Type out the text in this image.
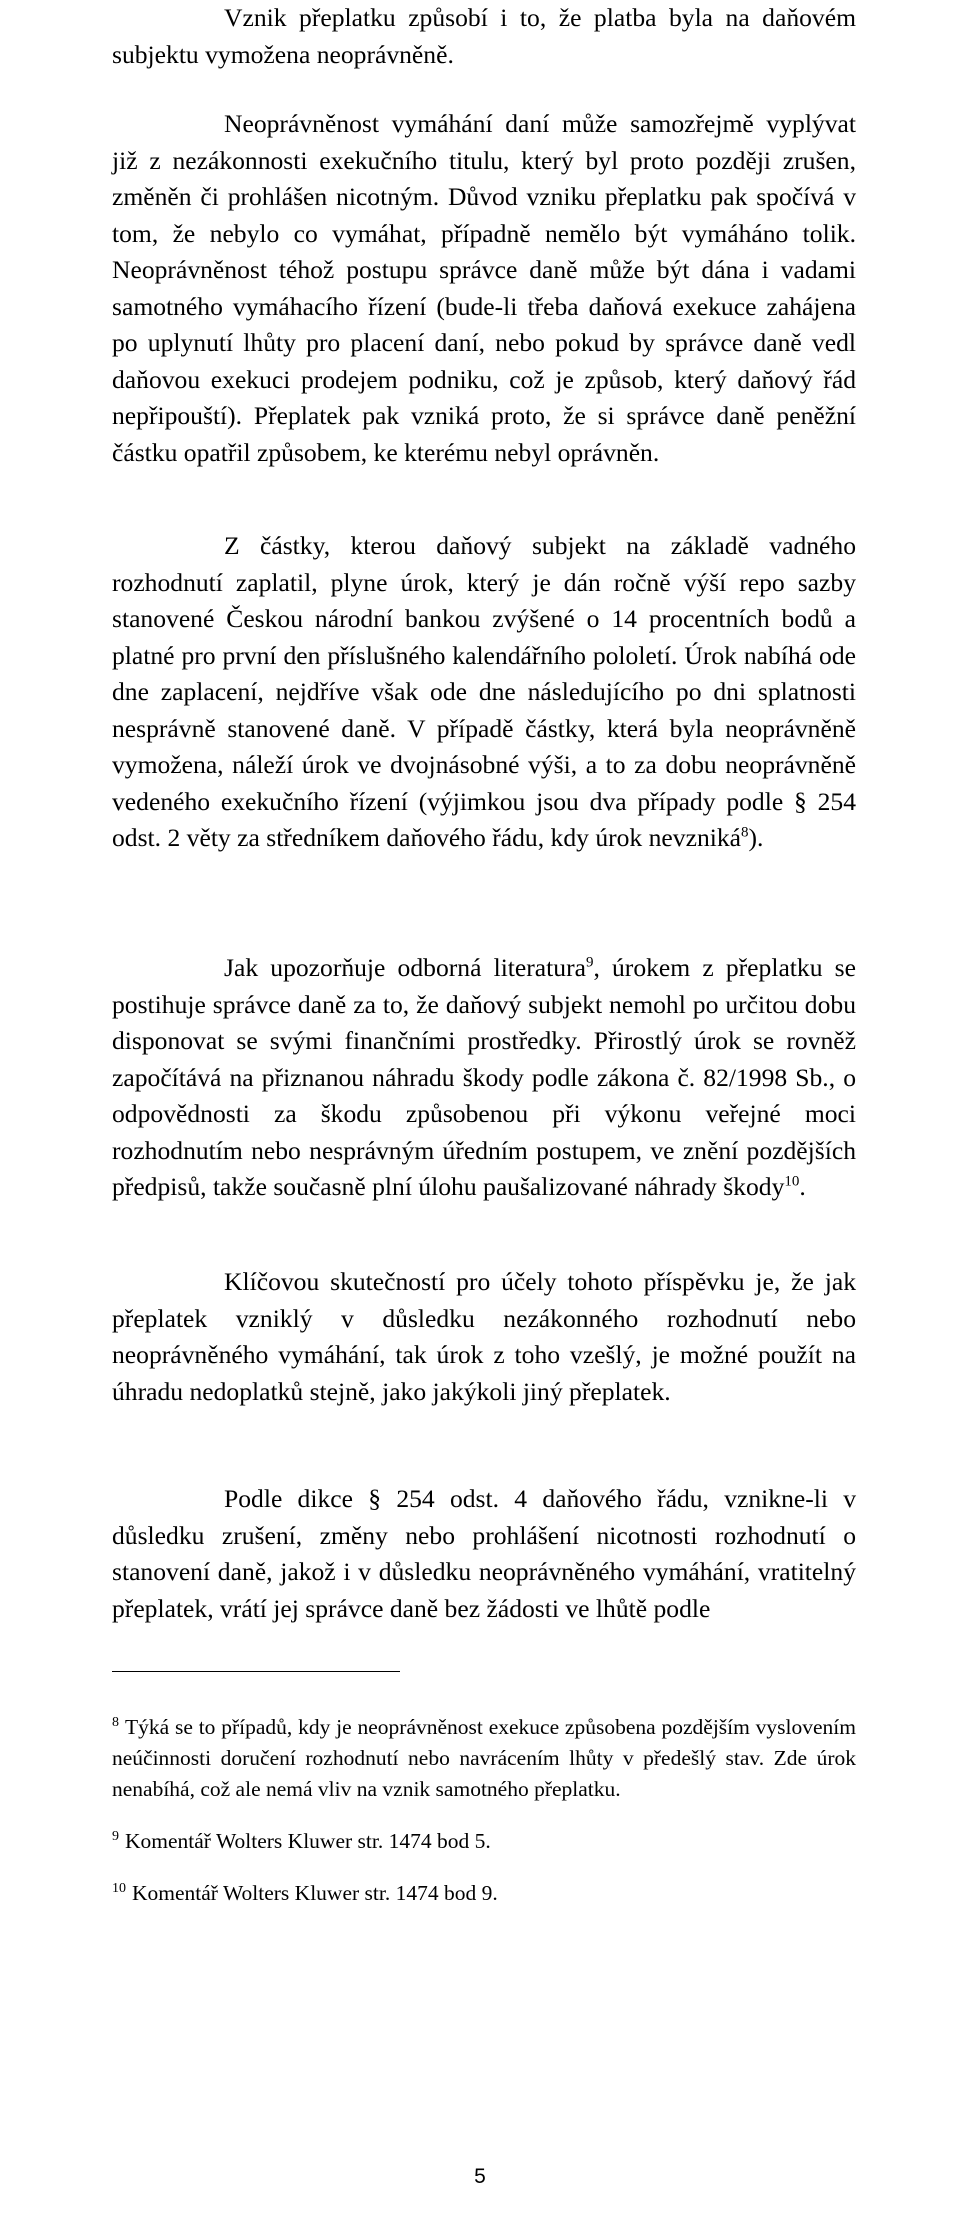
Vznik přeplatku způsobí i to, že platba byla na daňovém subjektu vymožena neoprávněně.

Neoprávněnost vymáhání daní může samozřejmě vyplývat již z nezákonnosti exekučního titulu, který byl proto později zrušen, změněn či prohlášen nicotným. Důvod vzniku přeplatku pak spočívá v tom, že nebylo co vymáhat, případně nemělo být vymáháno tolik. Neoprávněnost téhož postupu správce daně může být dána i vadami samotného vymáhacího řízení (bude-li třeba daňová exekuce zahájena po uplynutí lhůty pro placení daní, nebo pokud by správce daně vedl daňovou exekuci prodejem podniku, což je způsob, který daňový řád nepřipouští). Přeplatek pak vzniká proto, že si správce daně peněžní částku opatřil způsobem, ke kterému nebyl oprávněn.

Z částky, kterou daňový subjekt na základě vadného rozhodnutí zaplatil, plyne úrok, který je dán ročně výší repo sazby stanovené Českou národní bankou zvýšené o 14 procentních bodů a platné pro první den příslušného kalendářního pololetí. Úrok nabíhá ode dne zaplacení, nejdříve však ode dne následujícího po dni splatnosti nesprávně stanovené daně. V případě částky, která byla neoprávněně vymožena, náleží úrok ve dvojnásobné výši, a to za dobu neoprávněně vedeného exekučního řízení (výjimkou jsou dva případy podle § 254 odst. 2 věty za středníkem daňového řádu, kdy úrok nevzniká$^8$).

Jak upozorňuje odborná literatura$^9$, úrokem z přeplatku se postihuje správce daně za to, že daňový subjekt nemohl po určitou dobu disponovat se svými finančními prostředky. Přirostlý úrok se rovněž započítává na přiznanou náhradu škody podle zákona č. 82/1998 Sb., o odpovědnosti za škodu způsobenou při výkonu veřejné moci rozhodnutím nebo nesprávným úředním postupem, ve znění pozdějších předpisů, takže současně plní úlohu paušalizované náhrady škody$^{10}$.

Klíčovou skutečností pro účely tohoto příspěvku je, že jak přeplatek vzniklý v důsledku nezákonného rozhodnutí nebo neoprávněného vymáhání, tak úrok z toho vzešlý, je možné použít na úhradu nedoplatků stejně, jako jakýkoli jiný přeplatek.

Podle dikce § 254 odst. 4 daňového řádu, vznikne-li v důsledku zrušení, změny nebo prohlášení nicotnosti rozhodnutí o stanovení daně, jakož i v důsledku neoprávněného vymáhání, vratitelný přeplatek, vrátí jej správce daně bez žádosti ve lhůtě podle

$^8$ Týká se to případů, kdy je neoprávněnost exekuce způsobena pozdějším vyslovením neúčinnosti doručení rozhodnutí nebo navrácením lhůty v předešlý stav. Zde úrok nenabíhá, což ale nemá vliv na vznik samotného přeplatku.

$^9$ Komentář Wolters Kluwer str. 1474 bod 5.

$^{10}$ Komentář Wolters Kluwer str. 1474 bod 9.

5
